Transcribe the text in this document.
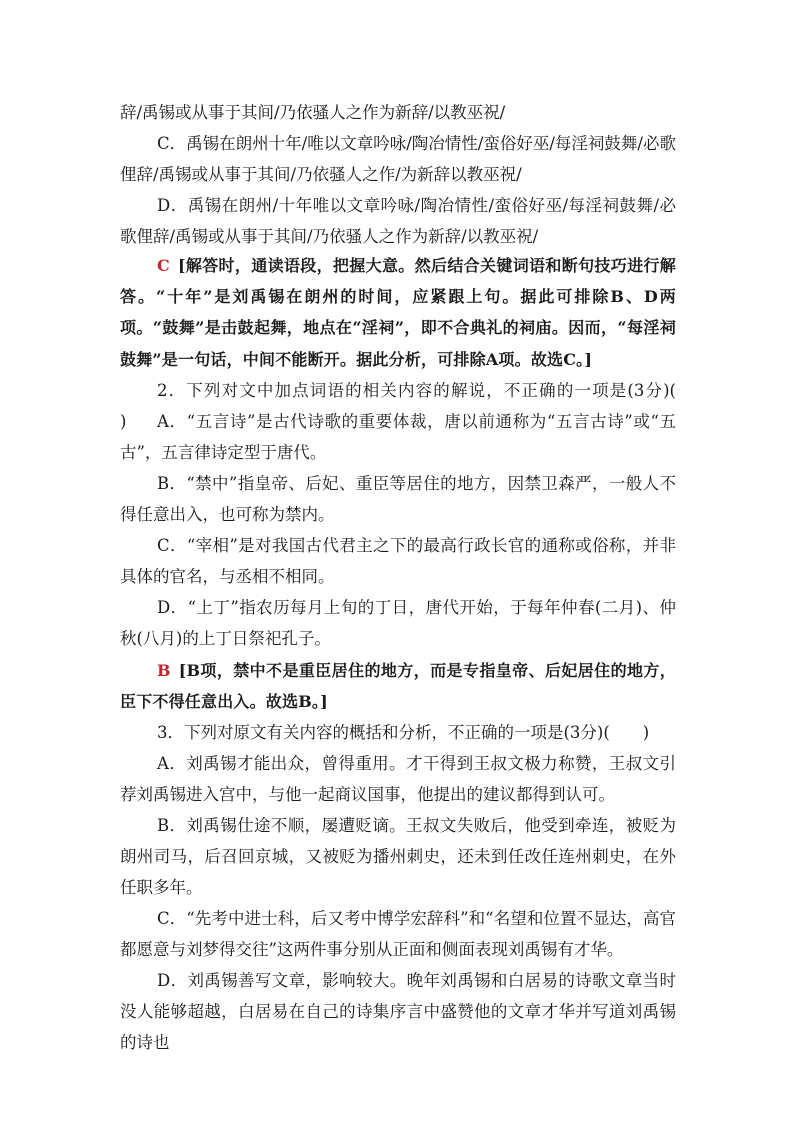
辞/禹锡或从事于其间/乃依骚人之作为新辞/以教巫祝/

C．禹锡在朗州十年/唯以文章吟咏/陶冶情性/蛮俗好巫/每淫祠鼓舞/必歌俚辞/禹锡或从事于其间/乃依骚人之作/为新辞以教巫祝/

D．禹锡在朗州/十年唯以文章吟咏/陶冶情性/蛮俗好巫/每淫祠鼓舞/必歌俚辞/禹锡或从事于其间/乃依骚人之作为新辞/以教巫祝/

C [解答时，通读语段，把握大意。然后结合关键词语和断句技巧进行解答。“十年”是刘禹锡在朗州的时间，应紧跟上句。据此可排除B、D两项。“鼓舞”是击鼓起舞，地点在“淫祠”，即不合典礼的祠庙。因而，“每淫祠鼓舞”是一句话，中间不能断开。据此分析，可排除A项。故选C。]

2．下列对文中加点词语的相关内容的解说，不正确的一项是(3分)(　　)	A．“五言诗”是古代诗歌的重要体裁，唐以前通称为“五言古诗”或“五古”，五言律诗定型于唐代。

B．“禁中”指皇帝、后妃、重臣等居住的地方，因禁卫森严，一般人不得任意出入，也可称为禁内。

C．“宰相”是对我国古代君主之下的最高行政长官的通称或俗称，并非具体的官名，与丞相不相同。

D．“上丁”指农历每月上旬的丁日，唐代开始，于每年仲春(二月)、仲秋(八月)的上丁日祭祀孔子。

B [B项，禁中不是重臣居住的地方，而是专指皇帝、后妃居住的地方，臣下不得任意出入。故选B。]

3．下列对原文有关内容的概括和分析，不正确的一项是(3分)(　　)

A．刘禹锡才能出众，曾得重用。才干得到王叔文极力称赞，王叔文引荐刘禹锡进入宫中，与他一起商议国事，他提出的建议都得到认可。

B．刘禹锡仕途不顺，屡遭贬谪。王叔文失败后，他受到牵连，被贬为朗州司马，后召回京城，又被贬为播州刺史，还未到任改任连州刺史，在外任职多年。

C．“先考中进士科，后又考中博学宏辞科”和“名望和位置不显达，高官都愿意与刘梦得交往”这两件事分别从正面和侧面表现刘禹锡有才华。

D．刘禹锡善写文章，影响较大。晚年刘禹锡和白居易的诗歌文章当时没人能够超越，白居易在自己的诗集序言中盛赞他的文章才华并写道刘禹锡的诗也
